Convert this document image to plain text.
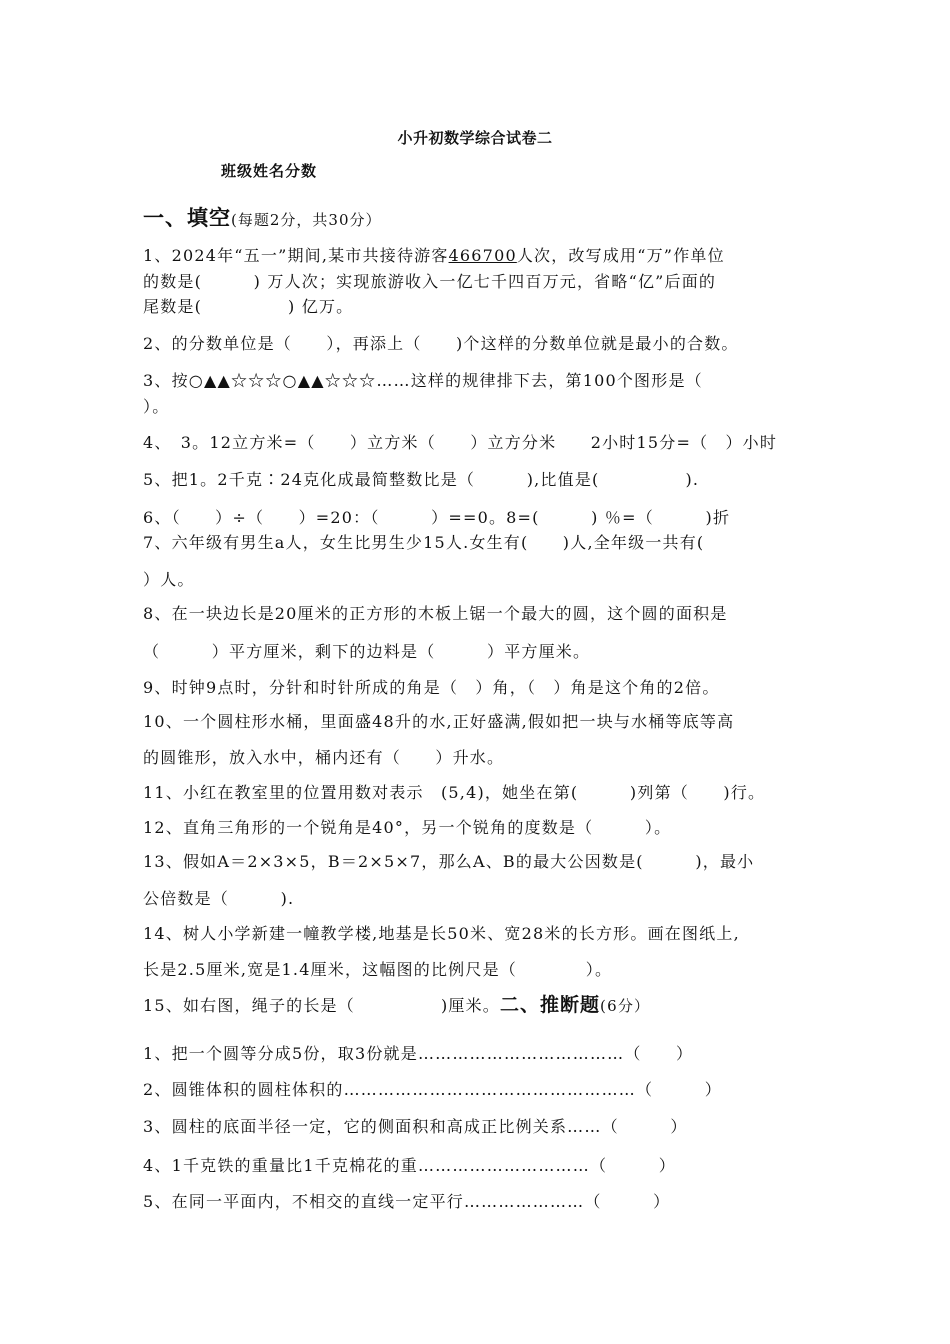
小升初数学综合试卷二
班级姓名分数
一、填空(每题2分，共30分）
1、2024年“五一”期间,某市共接待游客466700人次，改写成用“万”作单位
的数是(　　　) 万人次；实现旅游收入一亿七千四百万元，省略“亿”后面的
尾数是(　　　　　) 亿万。
2、的分数单位是（　　），再添上（　　)个这样的分数单位就是最小的合数。
3、按○▲▲☆☆☆○▲▲☆☆☆……这样的规律排下去，第100个图形是（
）。
4、　3。12立方米=（　　）立方米（　　）立方分米　　2小时15分=（　）小时
5、把1。2千克∶24克化成最简整数比是（　　　),比值是(　　　　　).
6、（　　）÷（　　）=20：（　　　）==0。8=(　　　) ％=（　　　)折
7、六年级有男生a人，女生比男生少15人.女生有(　　)人,全年级一共有(
）人。
8、在一块边长是20厘米的正方形的木板上锯一个最大的圆，这个圆的面积是
（　　　）平方厘米，剩下的边料是（　　　）平方厘米。
9、时钟9点时，分针和时针所成的角是（　）角，（　）角是这个角的2倍。
10、一个圆柱形水桶，里面盛48升的水,正好盛满,假如把一块与水桶等底等高
的圆锥形，放入水中，桶内还有（　　）升水。
11、小红在教室里的位置用数对表示　(5,4)，她坐在第(　　　)列第（　　)行。
12、直角三角形的一个锐角是40°，另一个锐角的度数是（　　　）。
13、假如A＝2×3×5，B＝2×5×7，那么A、B的最大公因数是(　　　)，最小
公倍数是（　　　).
14、树人小学新建一幢教学楼,地基是长50米、宽28米的长方形。画在图纸上,
长是2.5厘米,宽是1.4厘米，这幅图的比例尺是（　　　　）。
15、如右图，绳子的长是（　　　　　)厘米。二、推断题(6分）
1、把一个圆等分成5份，取3份就是………………………………（　　）
2、圆锥体积的圆柱体积的……………………………………………（　　　）
3、圆柱的底面半径一定，它的侧面积和高成正比例关系……（　　　）
4、1千克铁的重量比1千克棉花的重…………………………（　　　）
5、在同一平面内，不相交的直线一定平行…………………（　　　）
